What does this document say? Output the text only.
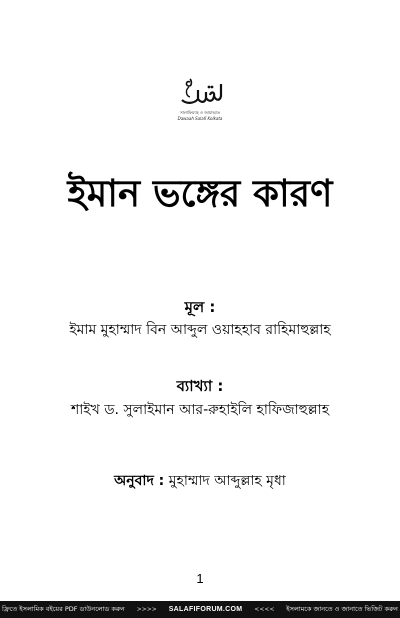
সালাফিয়্যাহ ও জামাআত
Dawaah Salafi Kolkata
ইমান ভঙ্গের কারণ
মূল :
ইমাম মুহাম্মাদ বিন আব্দুল ওয়াহহাব রাহিমাহুল্লাহ
ব্যাখ্যা :
শাইখ ড. সুলাইমান আর-রুহাইলি হাফিজাহুল্লাহ
অনুবাদ : মুহাম্মাদ আব্দুল্লাহ মৃধা
1
ফ্রিতে ইসলামিক বইয়ের PDF ডাউনলোড করুন >>>> SALAFIFORUM.COM <<<< ইসলামকে জানতে ও জানাতে ভিজিট করুন
